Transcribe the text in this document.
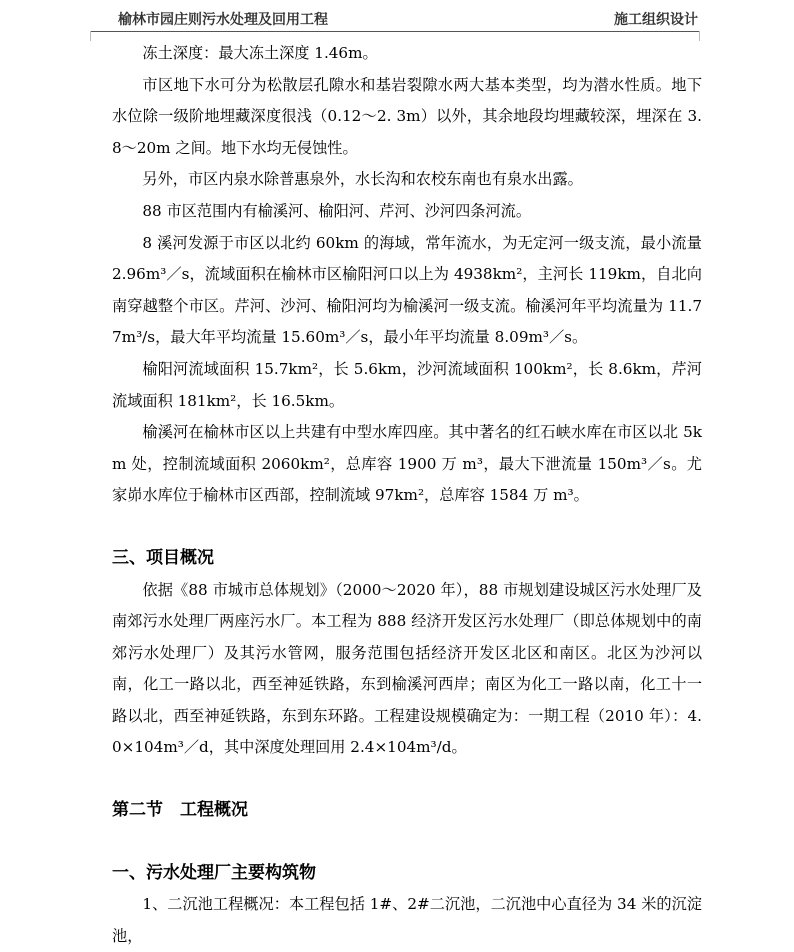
榆林市园庄则污水处理及回用工程	施工组织设计

冻土深度：最大冻土深度 1.46m。

市区地下水可分为松散层孔隙水和基岩裂隙水两大基本类型，均为潜水性质。地下水位除一级阶地埋藏深度很浅（0.12～2. 3m）以外，其余地段均埋藏较深，埋深在 3.8～20m 之间。地下水均无侵蚀性。

另外，市区内泉水除普惠泉外，水长沟和农校东南也有泉水出露。

88 市区范围内有榆溪河、榆阳河、芹河、沙河四条河流。

8 溪河发源于市区以北约 60km 的海域，常年流水，为无定河一级支流，最小流量 2.96m³／s，流域面积在榆林市区榆阳河口以上为 4938km²，主河长 119km，自北向南穿越整个市区。芹河、沙河、榆阳河均为榆溪河一级支流。榆溪河年平均流量为 11.77m³/s，最大年平均流量 15.60m³／s，最小年平均流量 8.09m³／s。

榆阳河流域面积 15.7km²，长 5.6km，沙河流域面积 100km²，长 8.6km，芹河流域面积 181km²，长 16.5km。

榆溪河在榆林市区以上共建有中型水库四座。其中著名的红石峡水库在市区以北 5km 处，控制流域面积 2060km²，总库容 1900 万 m³，最大下泄流量 150m³／s。尤家峁水库位于榆林市区西部，控制流域 97km²，总库容 1584 万 m³。

三、项目概况

依据《88 市城市总体规划》（2000～2020 年），88 市规划建设城区污水处理厂及南郊污水处理厂两座污水厂。本工程为 888 经济开发区污水处理厂（即总体规划中的南郊污水处理厂）及其污水管网，服务范围包括经济开发区北区和南区。北区为沙河以南，化工一路以北，西至神延铁路，东到榆溪河西岸；南区为化工一路以南，化工十一路以北，西至神延铁路，东到东环路。工程建设规模确定为：一期工程（2010 年）：4.0×104m³／d，其中深度处理回用 2.4×104m³/d。

第二节　工程概况

一、污水处理厂主要构筑物

1、二沉池工程概况：本工程包括 1#、2#二沉池，二沉池中心直径为 34 米的沉淀池，
